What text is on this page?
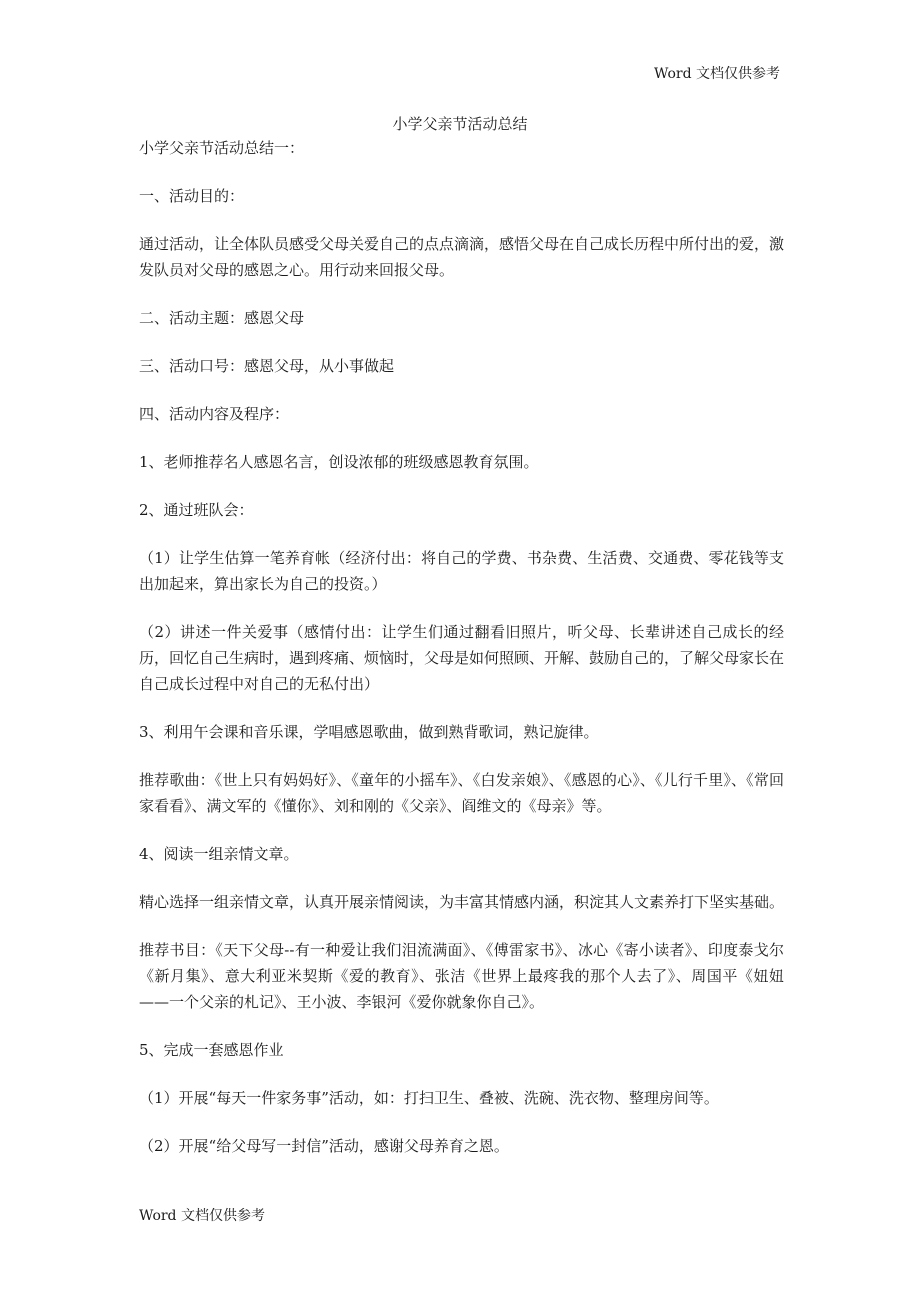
Word 文档仅供参考
小学父亲节活动总结

小学父亲节活动总结一：

一、活动目的：

通过活动，让全体队员感受父母关爱自己的点点滴滴，感悟父母在自己成长历程中所付出的爱，激发队员对父母的感恩之心。用行动来回报父母。

二、活动主题：感恩父母

三、活动口号：感恩父母，从小事做起

四、活动内容及程序：

1、老师推荐名人感恩名言，创设浓郁的班级感恩教育氛围。

2、通过班队会：

（1）让学生估算一笔养育帐（经济付出：将自己的学费、书杂费、生活费、交通费、零花钱等支出加起来，算出家长为自己的投资。）

（2）讲述一件关爱事（感情付出：让学生们通过翻看旧照片，听父母、长辈讲述自己成长的经历，回忆自己生病时，遇到疼痛、烦恼时，父母是如何照顾、开解、鼓励自己的，了解父母家长在自己成长过程中对自己的无私付出）

3、利用午会课和音乐课，学唱感恩歌曲，做到熟背歌词，熟记旋律。

推荐歌曲：《世上只有妈妈好》、《童年的小摇车》、《白发亲娘》、《感恩的心》、《儿行千里》、《常回家看看》、满文军的《懂你》、刘和刚的《父亲》、阎维文的《母亲》等。

4、阅读一组亲情文章。

精心选择一组亲情文章，认真开展亲情阅读，为丰富其情感内涵，积淀其人文素养打下坚实基础。

推荐书目：《天下父母--有一种爱让我们泪流满面》、《傅雷家书》、冰心《寄小读者》、印度泰戈尔《新月集》、意大利亚米契斯《爱的教育》、张洁《世界上最疼我的那个人去了》、周国平《妞妞——一个父亲的札记》、王小波、李银河《爱你就象你自己》。

5、完成一套感恩作业

（1）开展“每天一件家务事”活动，如：打扫卫生、叠被、洗碗、洗衣物、整理房间等。

（2）开展“给父母写一封信”活动，感谢父母养育之恩。

Word 文档仅供参考
